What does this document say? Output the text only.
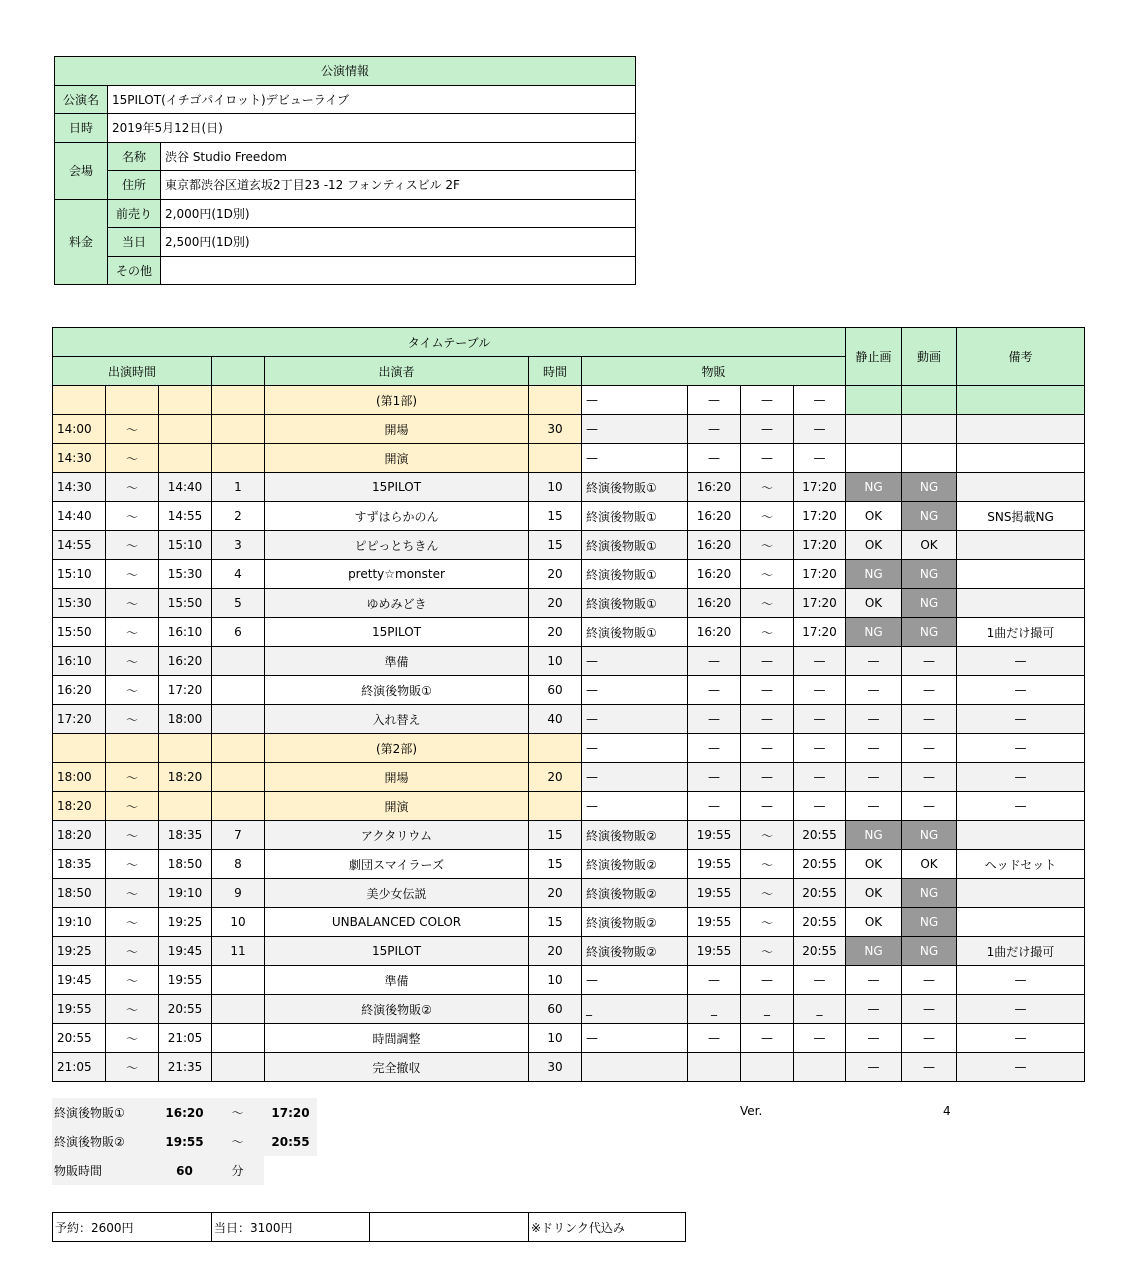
公演情報		
公演名	15PILOT(イチゴパイロット)デビューライブ	
日時	2019年5月12日(日)	
会場	名称	渋谷 Studio Freedom
	住所	東京都渋谷区道玄坂2丁目23 -12 フォンティスビル 2F
料金	前売り	2,000円(1D別)
	当日	2,500円(1D別)
	その他	
タイムテーブル										静止画	動画	備考
出演時間				出演者	時間	物販						
				(第1部)		—	—	—	—			
14:00	～			開場	30	—	—	—	—			
14:30	～			開演		—	—	—	—			
14:30	～	14:40	1	15PILOT	10	終演後物販①	16:20	～	17:20	NG	NG	
14:40	～	14:55	2	すずはらかのん	15	終演後物販①	16:20	～	17:20	OK	NG	SNS掲載NG
14:55	～	15:10	3	ピピっとちきん	15	終演後物販①	16:20	～	17:20	OK	OK	
15:10	～	15:30	4	pretty☆monster	20	終演後物販①	16:20	～	17:20	NG	NG	
15:30	～	15:50	5	ゆめみどき	20	終演後物販①	16:20	～	17:20	OK	NG	
15:50	～	16:10	6	15PILOT	20	終演後物販①	16:20	～	17:20	NG	NG	1曲だけ撮可
16:10	～	16:20		準備	10	—	—	—	—	—	—	—
16:20	～	17:20		終演後物販①	60	—	—	—	—	—	—	—
17:20	～	18:00		入れ替え	40	—	—	—	—	—	—	—
				(第2部)		—	—	—	—	—	—	—
18:00	～	18:20		開場	20	—	—	—	—	—	—	—
18:20	～			開演		—	—	—	—	—	—	—
18:20	～	18:35	7	アクタリウム	15	終演後物販②	19:55	～	20:55	NG	NG	
18:35	～	18:50	8	劇団スマイラーズ	15	終演後物販②	19:55	～	20:55	OK	OK	ヘッドセット
18:50	～	19:10	9	美少女伝説	20	終演後物販②	19:55	～	20:55	OK	NG	
19:10	～	19:25	10	UNBALANCED COLOR	15	終演後物販②	19:55	～	20:55	OK	NG	
19:25	～	19:45	11	15PILOT	20	終演後物販②	19:55	～	20:55	NG	NG	1曲だけ撮可
19:45	～	19:55		準備	10	—	—	—	—	—	—	—
19:55	～	20:55		終演後物販②	60	_	_	_	_	—	—	—
20:55	～	21:05		時間調整	10	—	—	—	—	—	—	—
21:05	～	21:35		完全撤収	30					—	—	—
終演後物販①	16:20	～	17:20
終演後物販②	19:55	～	20:55
物販時間	60	分	
Ver.	4
予約：2600円	当日：3100円		※ドリンク代込み
